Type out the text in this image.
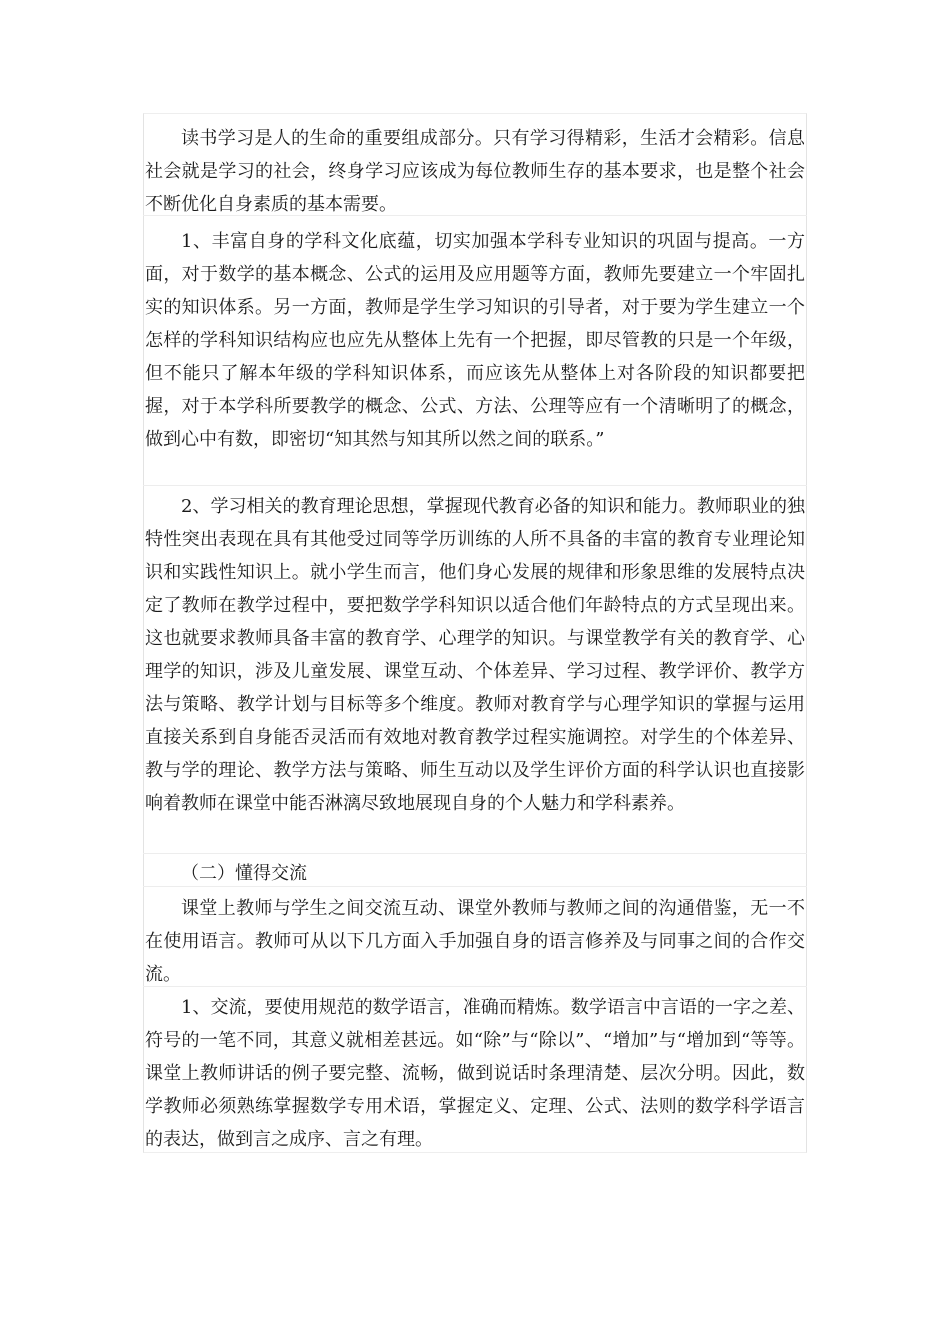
读书学习是人的生命的重要组成部分。只有学习得精彩，生活才会精彩。信息社会就是学习的社会，终身学习应该成为每位教师生存的基本要求，也是整个社会不断优化自身素质的基本需要。

1、丰富自身的学科文化底蕴，切实加强本学科专业知识的巩固与提高。一方面，对于数学的基本概念、公式的运用及应用题等方面，教师先要建立一个牢固扎实的知识体系。另一方面，教师是学生学习知识的引导者，对于要为学生建立一个怎样的学科知识结构应也应先从整体上先有一个把握，即尽管教的只是一个年级，但不能只了解本年级的学科知识体系，而应该先从整体上对各阶段的知识都要把握，对于本学科所要教学的概念、公式、方法、公理等应有一个清晰明了的概念，做到心中有数，即密切“知其然与知其所以然之间的联系。”

2、学习相关的教育理论思想，掌握现代教育必备的知识和能力。教师职业的独特性突出表现在具有其他受过同等学历训练的人所不具备的丰富的教育专业理论知识和实践性知识上。就小学生而言，他们身心发展的规律和形象思维的发展特点决定了教师在教学过程中，要把数学学科知识以适合他们年龄特点的方式呈现出来。这也就要求教师具备丰富的教育学、心理学的知识。与课堂教学有关的教育学、心理学的知识，涉及儿童发展、课堂互动、个体差异、学习过程、教学评价、教学方法与策略、教学计划与目标等多个维度。教师对教育学与心理学知识的掌握与运用直接关系到自身能否灵活而有效地对教育教学过程实施调控。对学生的个体差异、教与学的理论、教学方法与策略、师生互动以及学生评价方面的科学认识也直接影响着教师在课堂中能否淋漓尽致地展现自身的个人魅力和学科素养。

（二）懂得交流

课堂上教师与学生之间交流互动、课堂外教师与教师之间的沟通借鉴，无一不在使用语言。教师可从以下几方面入手加强自身的语言修养及与同事之间的合作交流。

1、交流，要使用规范的数学语言，准确而精炼。数学语言中言语的一字之差、符号的一笔不同，其意义就相差甚远。如“除”与“除以”、“增加”与“增加到“等等。课堂上教师讲话的例子要完整、流畅，做到说话时条理清楚、层次分明。因此，数学教师必须熟练掌握数学专用术语，掌握定义、定理、公式、法则的数学科学语言的表达，做到言之成序、言之有理。
